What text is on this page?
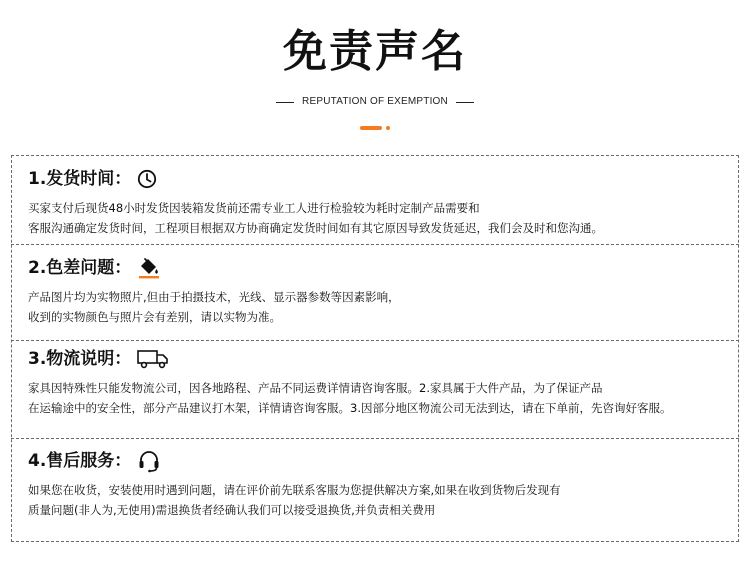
免责声名
REPUTATION OF EXEMPTION
1.发货时间：
买家支付后现货48小时发货因装箱发货前还需专业工人进行检验较为耗时定制产品需要和
客服沟通确定发货时间，工程项目根据双方协商确定发货时间如有其它原因导致发货延迟，我们会及时和您沟通。
2.色差问题：
产品图片均为实物照片,但由于拍摄技术，光线、显示器参数等因素影响，
收到的实物颜色与照片会有差别，请以实物为准。
3.物流说明：
家具因特殊性只能发物流公司，因各地路程、产品不同运费详情请咨询客服。2.家具属于大件产品，为了保证产品
在运输途中的安全性，部分产品建议打木架，详情请咨询客服。3.因部分地区物流公司无法到达，请在下单前，先咨询好客服。
4.售后服务：
如果您在收货，安装使用时遇到问题，请在评价前先联系客服为您提供解决方案,如果在收到货物后发现有
质量问题(非人为,无使用)需退换货者经确认我们可以接受退换货,并负责相关费用
